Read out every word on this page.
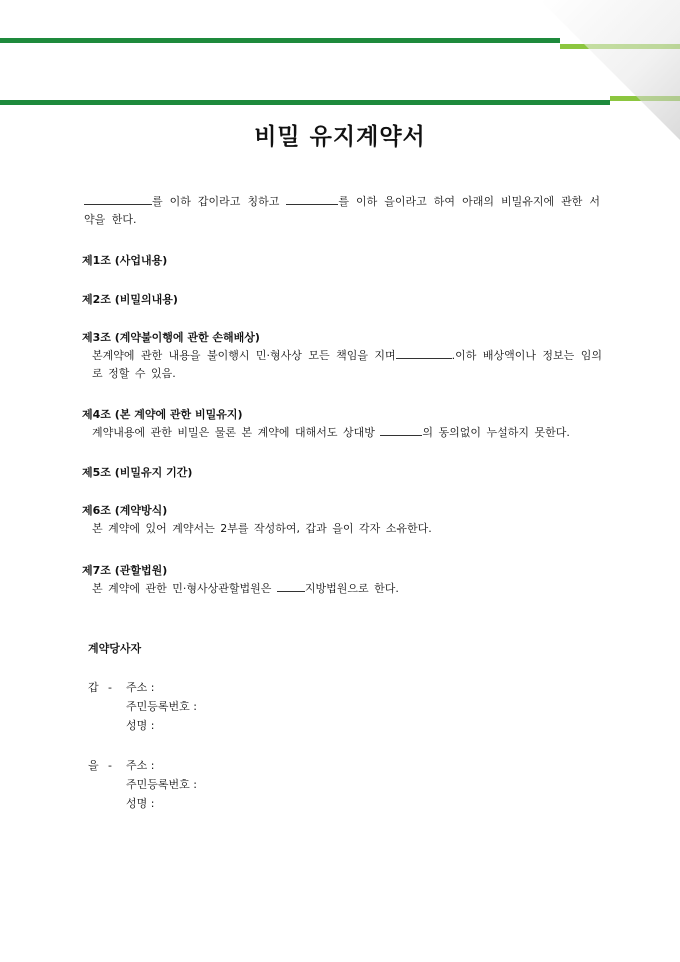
비밀 유지계약서
를 이하 갑이라고 칭하고	를 이하 을이라고 하여 아래의 비밀유지에 관한 서약을 한다.
제1조 (사업내용)
제2조 (비밀의내용)
제3조 (계약불이행에 관한 손해배상)

본계약에 관한 내용을 불이행시 민·형사상 모든 책임을 지며	.이하 배상액이나 정보는 임의로 정할 수 있음.

제4조 (본 계약에 관한 비밀유지)

계약내용에 관한 비밀은 물론 본 계약에 대해서도 상대방	의 동의없이 누설하지 못한다.

제5조 (비밀유지 기간)
제6조 (계약방식)

본 계약에 있어 계약서는 2부를 작성하여, 갑과 을이 각자 소유한다.

제7조 (관할법원)

본 계약에 관한 민·형사상관할법원은	지방법원으로 한다.

계약당사자
갑 -	주소 :
주민등록번호 :
성명 :
을 -	주소 :
주민등록번호 :
성명 :
